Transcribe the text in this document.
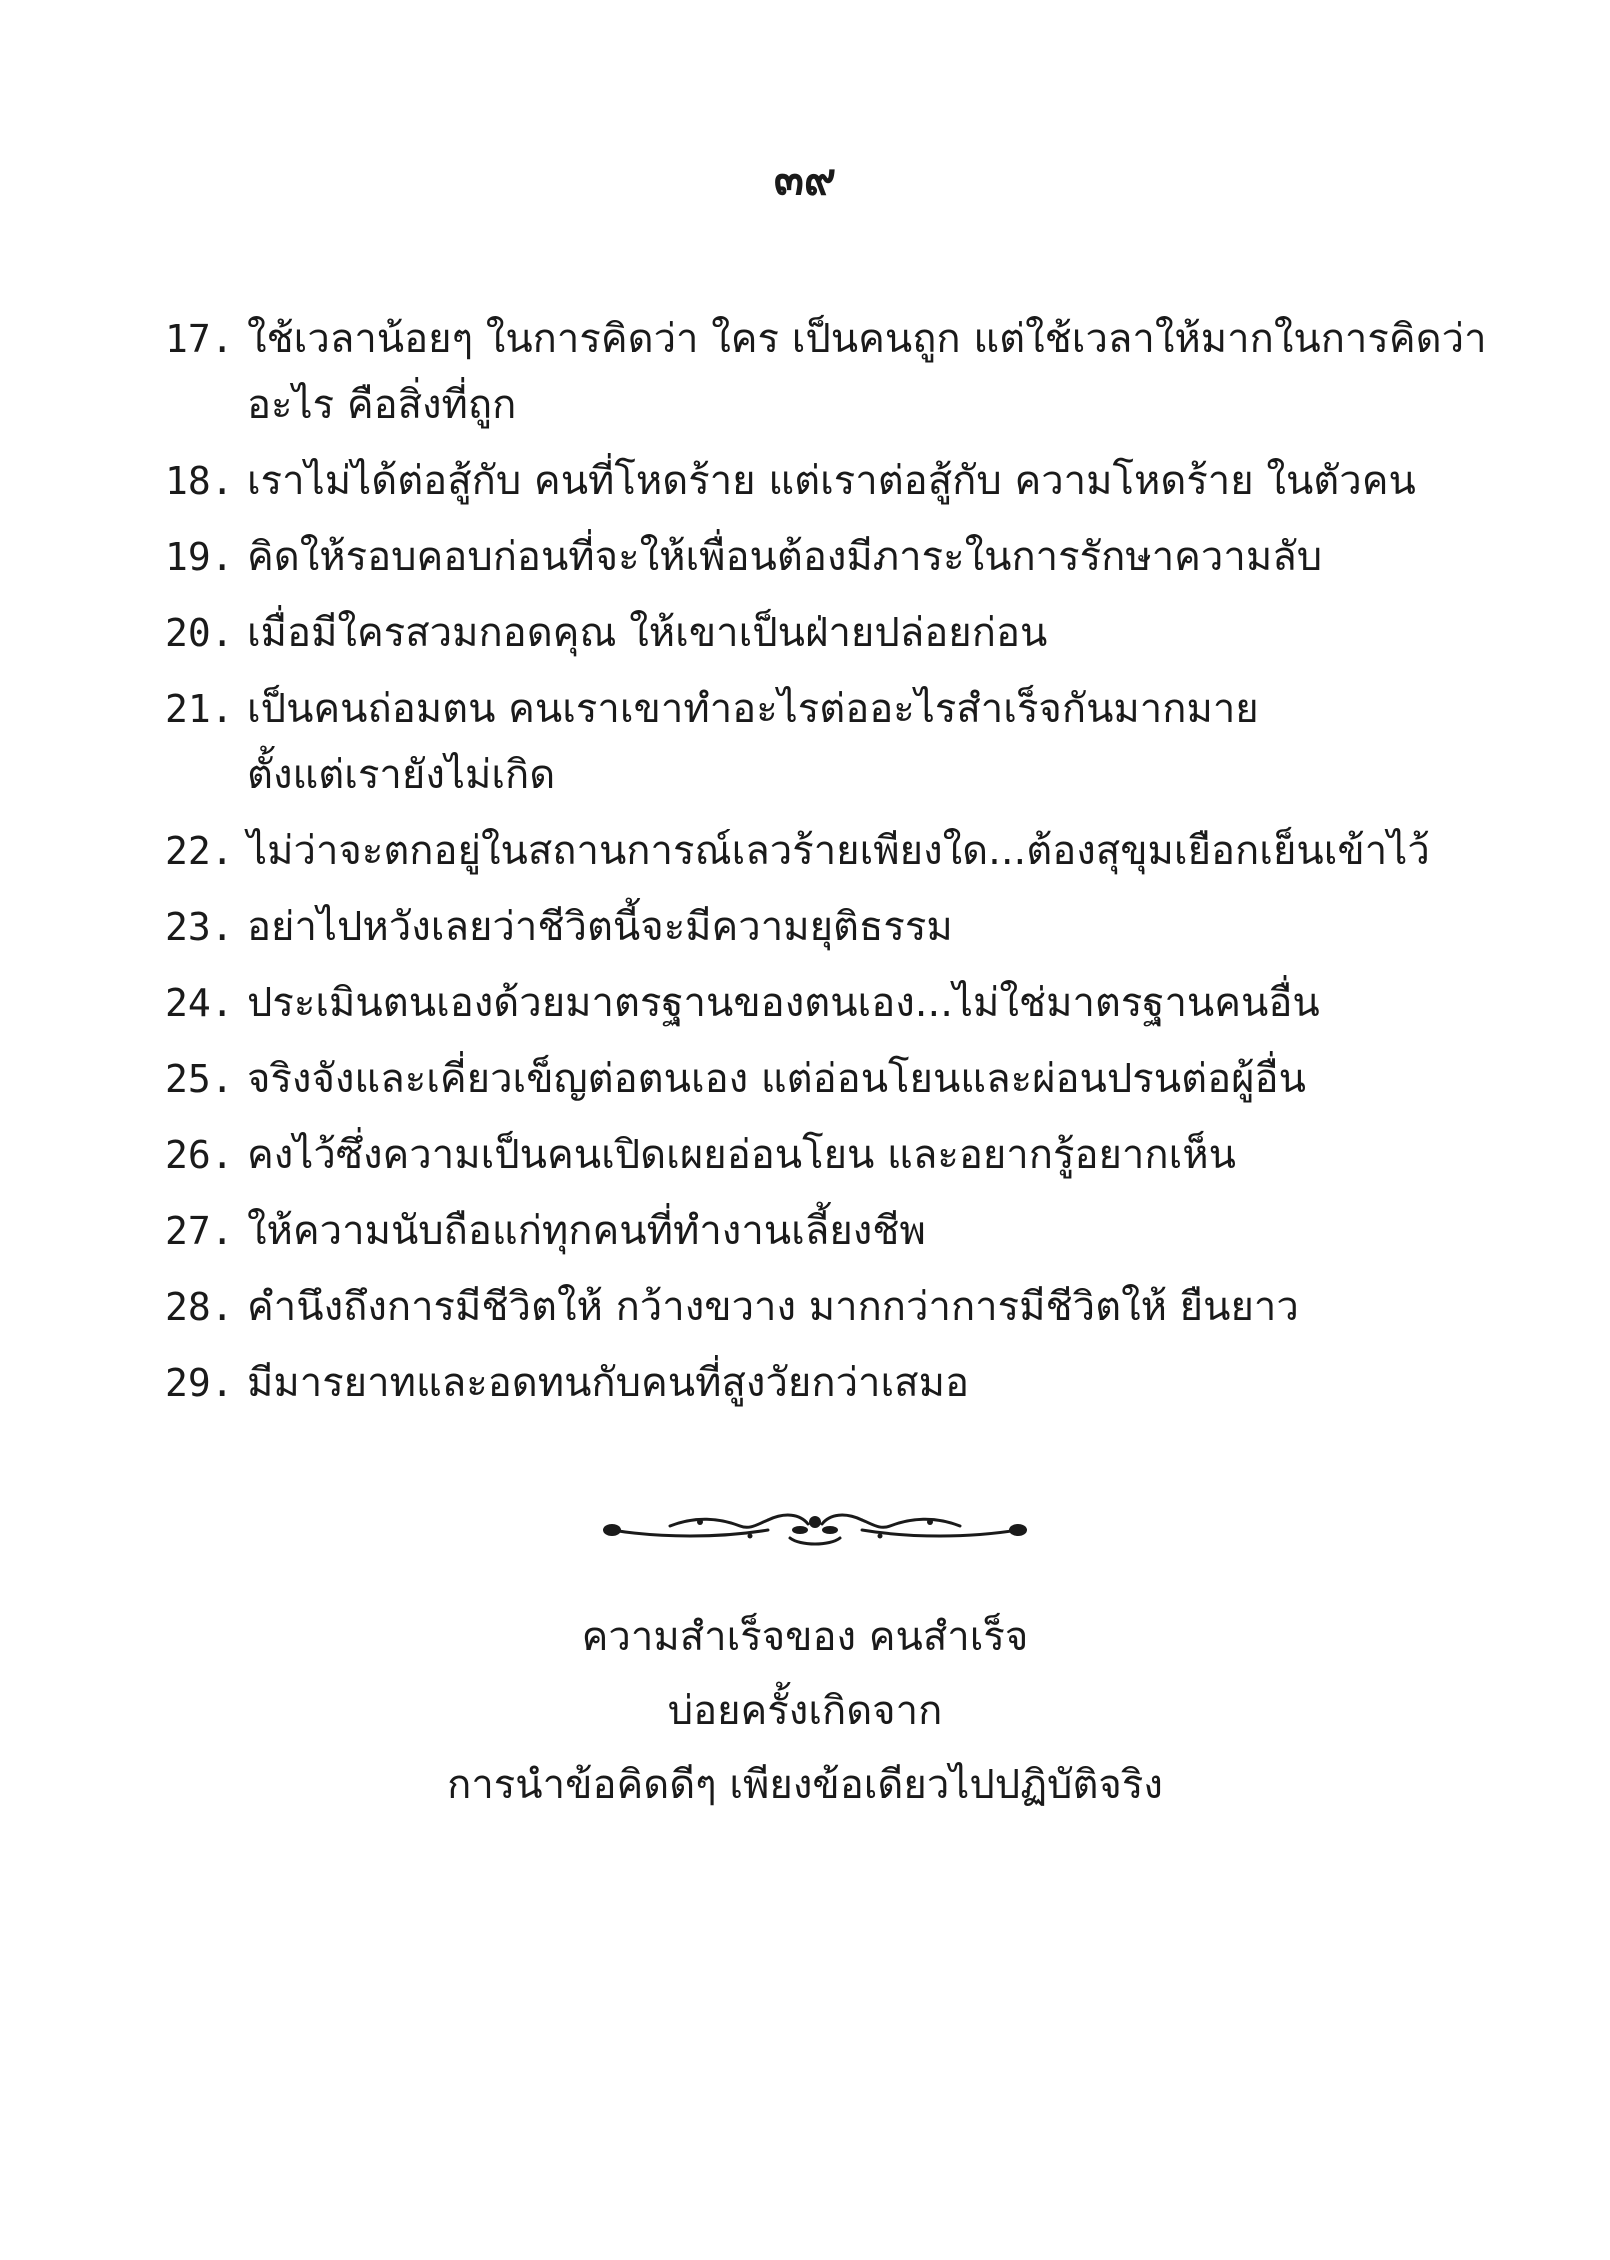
๓๙
17. ใช้เวลาน้อยๆ ในการคิดว่า ใคร เป็นคนถูก แต่ใช้เวลาให้มากในการคิดว่า
อะไร คือสิ่งที่ถูก
18. เราไม่ได้ต่อสู้กับ คนที่โหดร้าย แต่เราต่อสู้กับ ความโหดร้าย ในตัวคน
19. คิดให้รอบคอบก่อนที่จะให้เพื่อนต้องมีภาระในการรักษาความลับ
20. เมื่อมีใครสวมกอดคุณ ให้เขาเป็นฝ่ายปล่อยก่อน
21. เป็นคนถ่อมตน คนเราเขาทำอะไรต่ออะไรสำเร็จกันมากมาย
ตั้งแต่เรายังไม่เกิด
22. ไม่ว่าจะตกอยู่ในสถานการณ์เลวร้ายเพียงใด...ต้องสุขุมเยือกเย็นเข้าไว้
23. อย่าไปหวังเลยว่าชีวิตนี้จะมีความยุติธรรม
24. ประเมินตนเองด้วยมาตรฐานของตนเอง...ไม่ใช่มาตรฐานคนอื่น
25. จริงจังและเคี่ยวเข็ญต่อตนเอง แต่อ่อนโยนและผ่อนปรนต่อผู้อื่น
26. คงไว้ซึ่งความเป็นคนเปิดเผยอ่อนโยน และอยากรู้อยากเห็น
27. ให้ความนับถือแก่ทุกคนที่ทำงานเลี้ยงชีพ
28. คำนึงถึงการมีชีวิตให้ กว้างขวาง มากกว่าการมีชีวิตให้ ยืนยาว
29. มีมารยาทและอดทนกับคนที่สูงวัยกว่าเสมอ
ความสำเร็จของ คนสำเร็จ
บ่อยครั้งเกิดจาก
การนำข้อคิดดีๆ เพียงข้อเดียวไปปฏิบัติจริง
